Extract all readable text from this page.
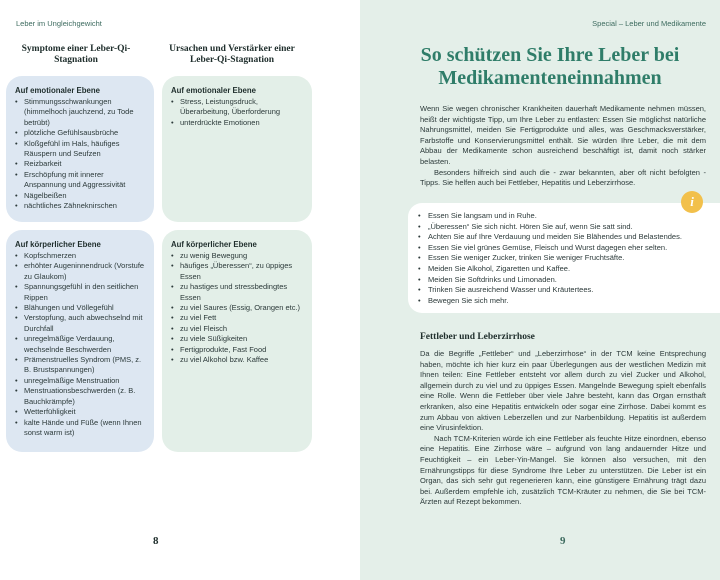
Leber im Ungleichgewicht
Symptome einer Leber-Qi-Stagnation
Ursachen und Verstärker einer Leber-Qi-Stagnation
Auf emotionaler Ebene
• Stimmungsschwankungen (himmelhoch jauchzend, zu Tode betrübt)
• plötzliche Gefühlsausbrüche
• Kloßgefühl im Hals, häufiges Räuspern und Seufzen
• Reizbarkeit
• Erschöpfung mit innerer Anspannung und Aggressivität
• Nägelbeißen
• nächtliches Zähneknirschen
Auf emotionaler Ebene
• Stress, Leistungsdruck, Überarbeitung, Überforderung
• unterdrückte Emotionen
Auf körperlicher Ebene
• Kopfschmerzen
• erhöhter Augeninnendruck (Vorstufe zu Glaukom)
• Spannungsgefühl in den seitlichen Rippen
• Blähungen und Völlegefühl
• Verstopfung, auch abwechselnd mit Durchfall
• unregelmäßige Verdauung, wechselnde Beschwerden
• Prämenstruelles Syndrom (PMS, z. B. Brustspannungen)
• unregelmäßige Menstruation
• Menstruationsbeschwerden (z. B. Bauchkrämpfe)
• Wetterfühligkeit
• kalte Hände und Füße (wenn Ihnen sonst warm ist)
Auf körperlicher Ebene
• zu wenig Bewegung
• häufiges „Überessen“, zu üppiges Essen
• zu hastiges und stressbedingtes Essen
• zu viel Saures (Essig, Orangen etc.)
• zu viel Fett
• zu viel Fleisch
• zu viele Süßigkeiten
• Fertigprodukte, Fast Food
• zu viel Alkohol bzw. Kaffee
8
Special – Leber und Medikamente
So schützen Sie Ihre Leber bei Medikamenteneinnahmen

Wenn Sie wegen chronischer Krankheiten dauerhaft Medikamente nehmen müssen, heißt der wichtigste Tipp, um Ihre Leber zu entlasten: Essen Sie möglichst natürliche Nahrungsmittel, meiden Sie Fertigprodukte und alles, was Geschmacksverstärker, Farbstoffe und Konservierungsmittel enthält. Sie würden Ihre Leber, die mit dem Abbau der Medikamente schon ausreichend beschäftigt ist, damit noch stärker belasten.

Besonders hilfreich sind auch die - zwar bekannten, aber oft nicht befolgten - Tipps. Sie helfen auch bei Fettleber, Hepatitis und Leberzirrhose.

• Essen Sie langsam und in Ruhe.
• „Überessen“ Sie sich nicht. Hören Sie auf, wenn Sie satt sind.
• Achten Sie auf Ihre Verdauung und meiden Sie Blähendes und Belastendes.
• Essen Sie viel grünes Gemüse, Fleisch und Wurst dagegen eher selten.
• Essen Sie weniger Zucker, trinken Sie weniger Fruchtsäfte.
• Meiden Sie Alkohol, Zigaretten und Kaffee.
• Meiden Sie Softdrinks und Limonaden.
• Trinken Sie ausreichend Wasser und Kräutertees.
• Bewegen Sie sich mehr.
i
Fettleber und Leberzirrhose

Da die Begriffe „Fettleber“ und „Leberzirrhose“ in der TCM keine Entsprechung haben, möchte ich hier kurz ein paar Überlegungen aus der westlichen Medizin mit Ihnen teilen: Eine Fettleber entsteht vor allem durch zu viel Zucker und Alkohol, allgemein durch zu viel und zu üppiges Essen. Mangelnde Bewegung spielt ebenfalls eine Rolle. Wenn die Fettleber über viele Jahre besteht, kann das Organ ernsthaft erkranken, also eine Hepatitis entwickeln oder sogar eine Zirrhose. Dabei kommt es zum Abbau von aktiven Leberzellen und zur Narbenbildung. Hepatitis ist außerdem eine Virusinfektion.

Nach TCM-Kriterien würde ich eine Fettleber als feuchte Hitze einordnen, ebenso eine Hepatitis. Eine Zirrhose wäre – aufgrund von lang andauernder Hitze und Feuchtigkeit – ein Leber-Yin-Mangel. Sie können also versuchen, mit den Ernährungstipps für diese Syndrome Ihre Leber zu unterstützen. Die Leber ist ein Organ, das sich sehr gut regenerieren kann, eine günstigere Ernährung trägt dazu bei. Außerdem empfehle ich, zusätzlich TCM-Kräuter zu nehmen, die Sie bei TCM-Ärzten auf Rezept bekommen.

9
